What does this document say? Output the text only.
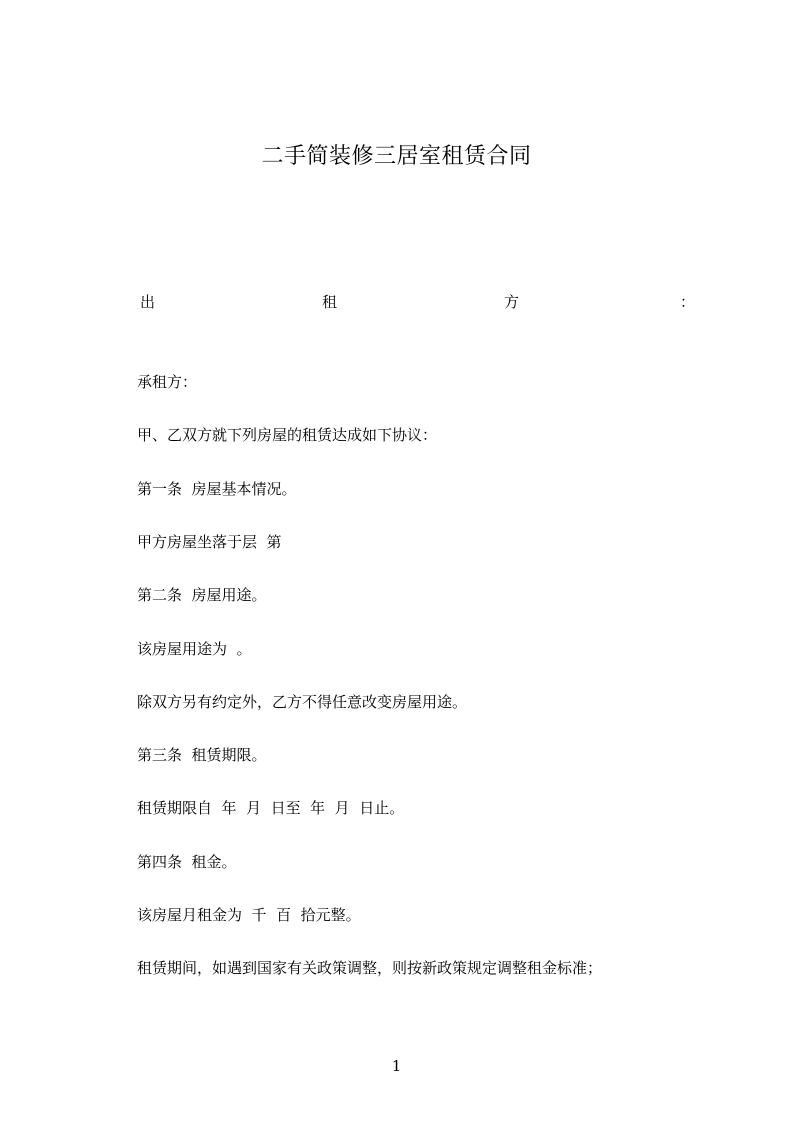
二手简装修三居室租赁合同
出	租	方	：
承租方：
甲、乙双方就下列房屋的租赁达成如下协议：
第一条  房屋基本情况。
甲方房屋坐落于层  第
第二条  房屋用途。
该房屋用途为  。
除双方另有约定外，乙方不得任意改变房屋用途。
第三条  租赁期限。
租赁期限自  年  月  日至  年  月  日止。
第四条  租金。
该房屋月租金为  千  百  拾元整。
租赁期间，如遇到国家有关政策调整，则按新政策规定调整租金标准；
1
